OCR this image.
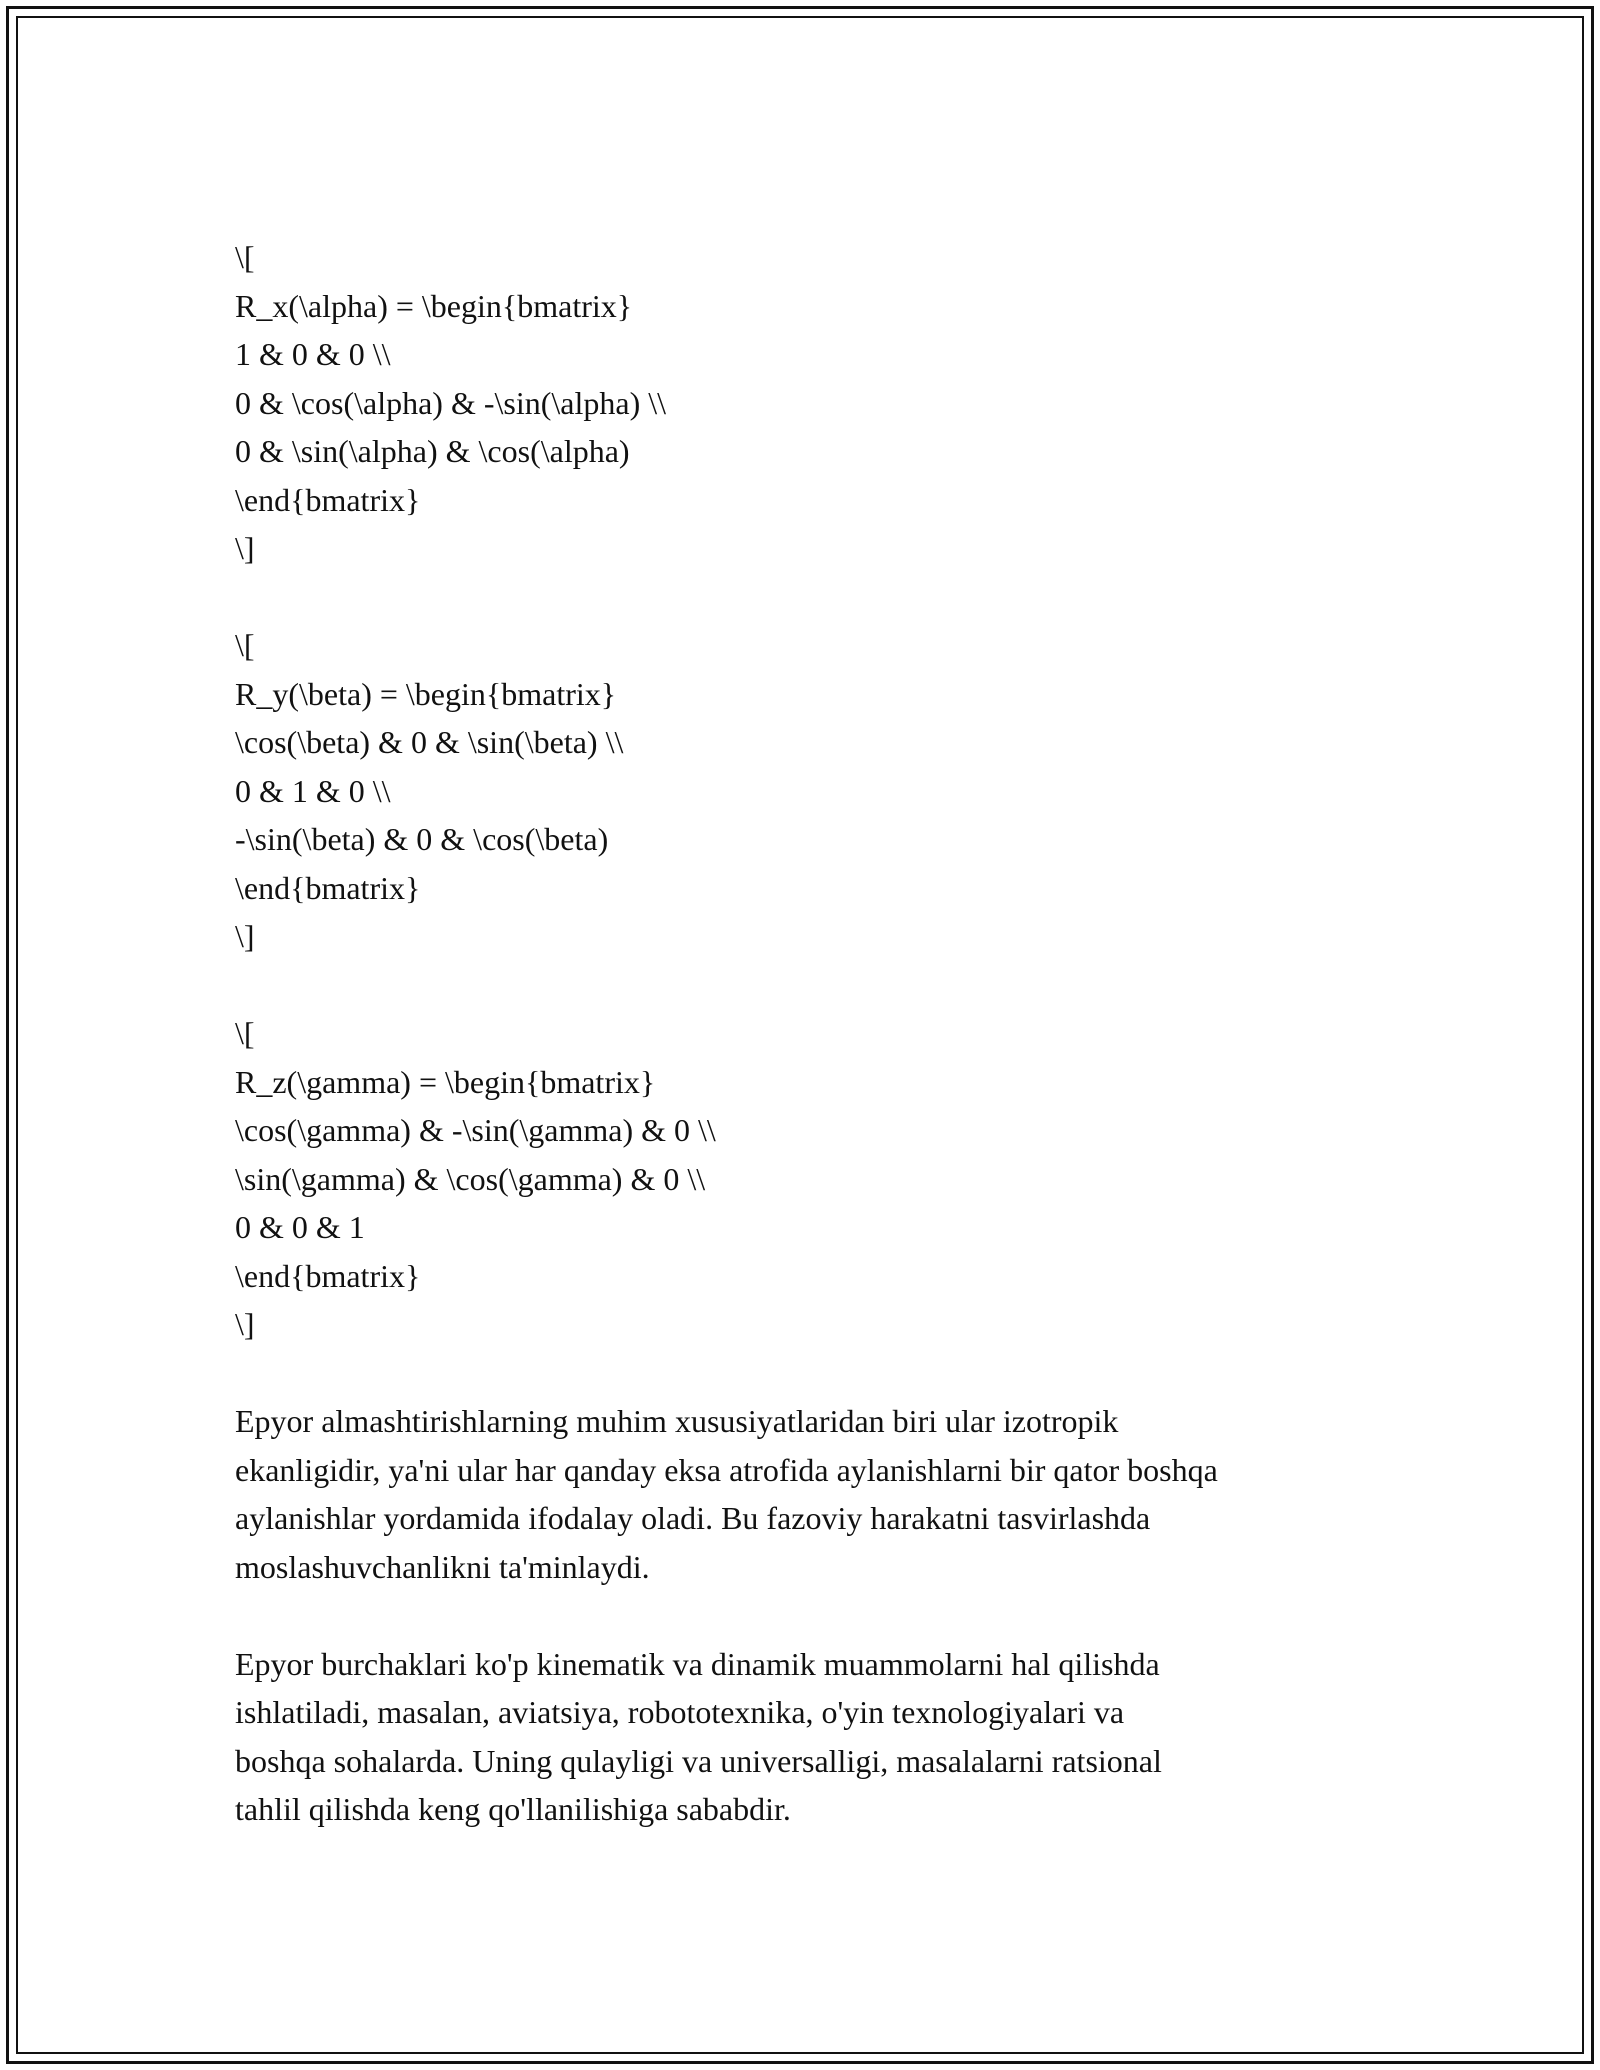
\[
R_x(\alpha) = \begin{bmatrix}
1 & 0 & 0 \\
0 & \cos(\alpha) & -\sin(\alpha) \\
0 & \sin(\alpha) & \cos(\alpha)
\end{bmatrix}
\]
\[
R_y(\beta) = \begin{bmatrix}
\cos(\beta) & 0 & \sin(\beta) \\
0 & 1 & 0 \\
-\sin(\beta) & 0 & \cos(\beta)
\end{bmatrix}
\]
\[
R_z(\gamma) = \begin{bmatrix}
\cos(\gamma) & -\sin(\gamma) & 0 \\
\sin(\gamma) & \cos(\gamma) & 0 \\
0 & 0 & 1
\end{bmatrix}
\]
Epyor almashtirishlarning muhim xususiyatlaridan biri ular izotropik
ekanligidir, ya'ni ular har qanday eksa atrofida aylanishlarni bir qator boshqa
aylanishlar yordamida ifodalay oladi. Bu fazoviy harakatni tasvirlashda
moslashuvchanlikni ta'minlaydi.
Epyor burchaklari ko'p kinematik va dinamik muammolarni hal qilishda
ishlatiladi, masalan, aviatsiya, robototexnika, o'yin texnologiyalari va
boshqa sohalarda. Uning qulayligi va universalligi, masalalarni ratsional
tahlil qilishda keng qo'llanilishiga sababdir.
